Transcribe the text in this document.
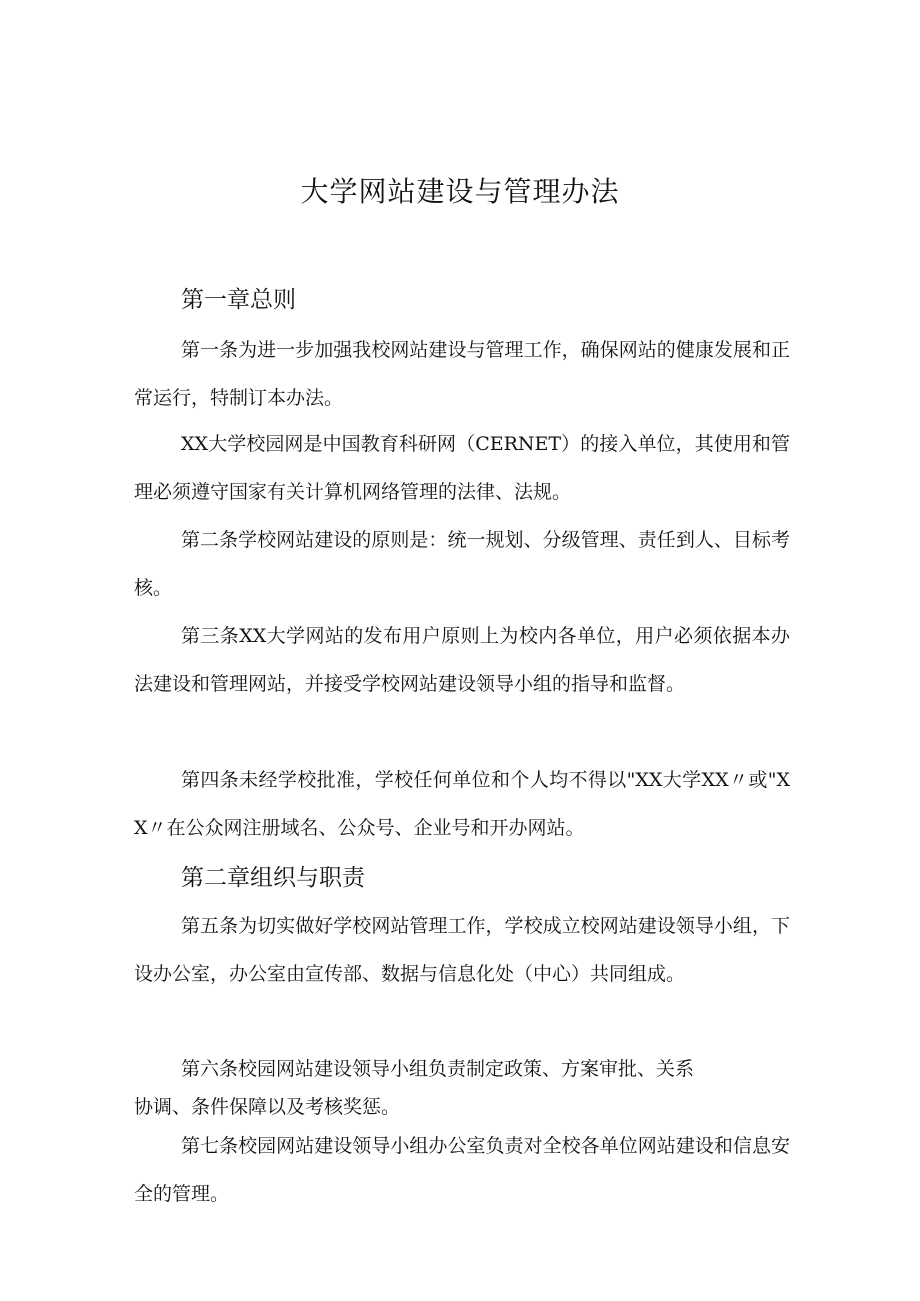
大学网站建设与管理办法
第一章总则
第一条为进一步加强我校网站建设与管理工作，确保网站的健康发展和正常运行，特制订本办法。
XX大学校园网是中国教育科研网（CERNET）的接入单位，其使用和管理必须遵守国家有关计算机网络管理的法律、法规。
第二条学校网站建设的原则是：统一规划、分级管理、责任到人、目标考核。
第三条XX大学网站的发布用户原则上为校内各单位，用户必须依据本办法建设和管理网站，并接受学校网站建设领导小组的指导和监督。
第四条未经学校批准，学校任何单位和个人均不得以"XX大学XX〃或"XX〃在公众网注册域名、公众号、企业号和开办网站。
第二章组织与职责
第五条为切实做好学校网站管理工作，学校成立校网站建设领导小组，下设办公室，办公室由宣传部、数据与信息化处（中心）共同组成。
第六条校园网站建设领导小组负责制定政策、方案审批、关系协调、条件保障以及考核奖惩。
第七条校园网站建设领导小组办公室负责对全校各单位网站建设和信息安全的管理。
